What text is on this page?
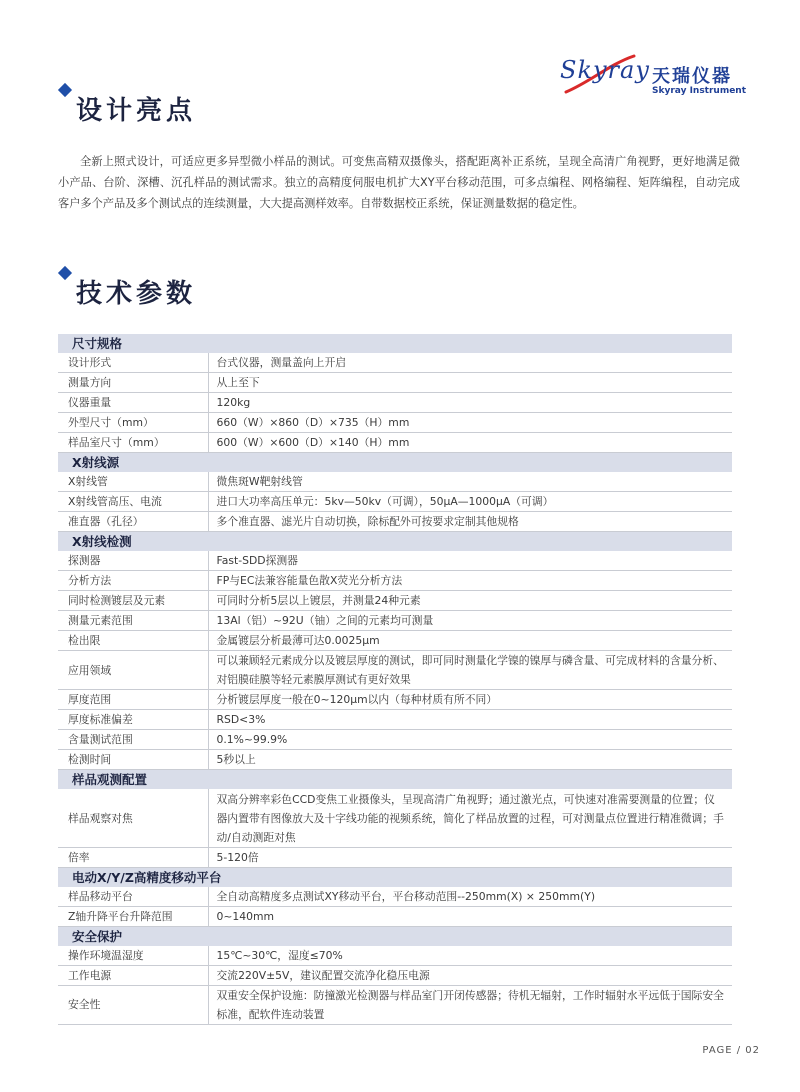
Skyray 天瑞仪器
Skyray Instrument
设计亮点

全新上照式设计，可适应更多异型微小样品的测试。可变焦高精双摄像头，搭配距离补正系统，呈现全高清广角视野，更好地满足微小产品、台阶、深槽、沉孔样品的测试需求。独立的高精度伺服电机扩大XY平台移动范围，可多点编程、网格编程、矩阵编程，自动完成客户多个产品及多个测试点的连续测量，大大提高测样效率。自带数据校正系统，保证测量数据的稳定性。

技术参数
尺寸规格	
设计形式	台式仪器，测量盖向上开启
测量方向	从上至下
仪器重量	120kg
外型尺寸（mm）	660（W）×860（D）×735（H）mm
样品室尺寸（mm）	600（W）×600（D）×140（H）mm
X射线源	
X射线管	微焦斑W靶射线管
X射线管高压、电流	进口大功率高压单元：5kv—50kv（可调），50μA—1000μA（可调）
准直器（孔径）	多个准直器、滤光片自动切换，除标配外可按要求定制其他规格
X射线检测	
探测器	Fast-SDD探测器
分析方法	FP与EC法兼容能量色散X荧光分析方法
同时检测镀层及元素	可同时分析5层以上镀层，并测量24种元素
测量元素范围	13Al（铝）~92U（铀）之间的元素均可测量
检出限	金属镀层分析最薄可达0.0025μm
应用领域	可以兼顾轻元素成分以及镀层厚度的测试，即可同时测量化学镍的镍厚与磷含量、可完成材料的含量分析、对铝膜硅膜等轻元素膜厚测试有更好效果
厚度范围	分析镀层厚度一般在0~120μm以内（每种材质有所不同）
厚度标准偏差	RSD<3%
含量测试范围	0.1%~99.9%
检测时间	5秒以上
样品观测配置	
样品观察对焦	双高分辨率彩色CCD变焦工业摄像头，呈现高清广角视野；通过激光点，可快速对准需要测量的位置；仪器内置带有图像放大及十字线功能的视频系统，简化了样品放置的过程，可对测量点位置进行精准微调；手动/自动测距对焦
倍率	5-120倍
电动X/Y/Z高精度移动平台	
样品移动平台	全自动高精度多点测试XY移动平台，平台移动范围--250mm(X) × 250mm(Y)
Z轴升降平台升降范围	0~140mm
安全保护	
操作环境温湿度	15℃~30℃，湿度≤70%
工作电源	交流220V±5V，建议配置交流净化稳压电源
安全性	双重安全保护设施：防撞激光检测器与样品室门开闭传感器；待机无辐射，工作时辐射水平远低于国际安全标准，配软件连动装置
PAGE / 02
